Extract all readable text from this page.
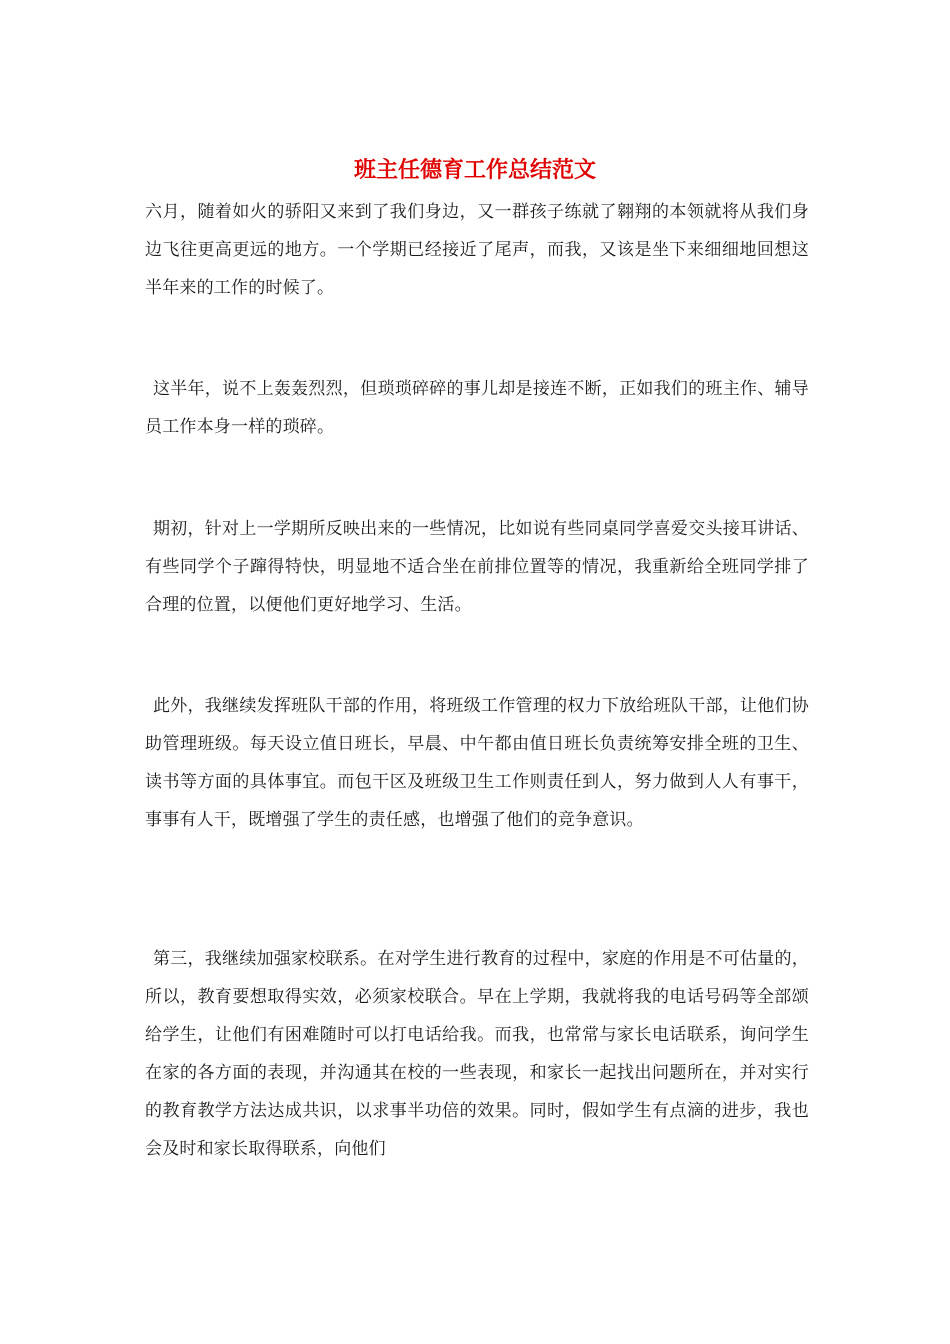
班主任德育工作总结范文

六月，随着如火的骄阳又来到了我们身边，又一群孩子练就了翱翔的本领就将从我们身边飞往更高更远的地方。一个学期已经接近了尾声，而我，又该是坐下来细细地回想这半年来的工作的时候了。

这半年，说不上轰轰烈烈，但琐琐碎碎的事儿却是接连不断，正如我们的班主作、辅导员工作本身一样的琐碎。

期初，针对上一学期所反映出来的一些情况，比如说有些同桌同学喜爱交头接耳讲话、有些同学个子蹿得特快，明显地不适合坐在前排位置等的情况，我重新给全班同学排了合理的位置，以便他们更好地学习、生活。

此外，我继续发挥班队干部的作用，将班级工作管理的权力下放给班队干部，让他们协助管理班级。每天设立值日班长，早晨、中午都由值日班长负责统筹安排全班的卫生、读书等方面的具体事宜。而包干区及班级卫生工作则责任到人，努力做到人人有事干，事事有人干，既增强了学生的责任感，也增强了他们的竞争意识。

第三，我继续加强家校联系。在对学生进行教育的过程中，家庭的作用是不可估量的，所以，教育要想取得实效，必须家校联合。早在上学期，我就将我的电话号码等全部颂给学生，让他们有困难随时可以打电话给我。而我，也常常与家长电话联系，询问学生在家的各方面的表现，并沟通其在校的一些表现，和家长一起找出问题所在，并对实行的教育教学方法达成共识，以求事半功倍的效果。同时，假如学生有点滴的进步，我也会及时和家长取得联系，向他们
